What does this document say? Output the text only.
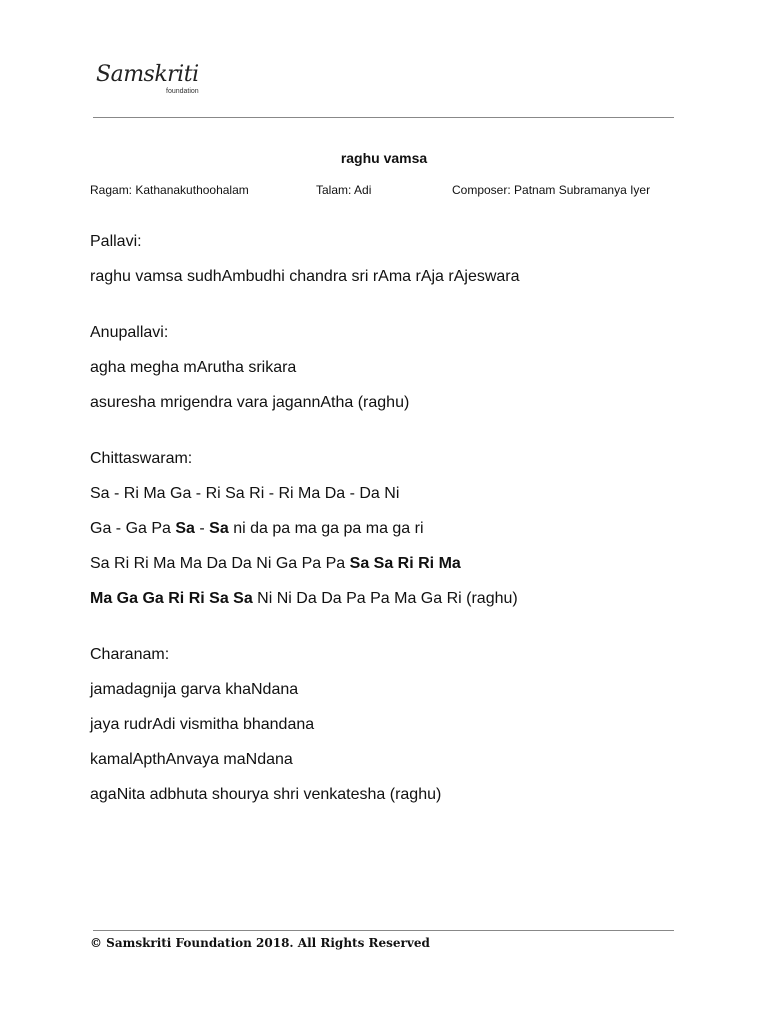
Samskriti
foundation
raghu vamsa
Ragam: Kathanakuthoohalam	Talam: Adi	Composer: Patnam Subramanya Iyer
Pallavi:
raghu vamsa sudhAmbudhi chandra sri rAma rAja rAjeswara
Anupallavi:
agha megha mArutha srikara
asuresha mrigendra vara jagannAtha (raghu)
Chittaswaram:
Sa - Ri Ma Ga - Ri Sa Ri - Ri Ma Da - Da Ni
Ga - Ga Pa Sa - Sa ni da pa ma ga pa ma ga ri
Sa Ri Ri Ma Ma Da Da Ni Ga Pa Pa Sa Sa Ri Ri Ma
Ma Ga Ga Ri Ri Sa Sa Ni Ni Da Da Pa Pa Ma Ga Ri (raghu)
Charanam:
jamadagnija garva khaNdana
jaya rudrAdi vismitha bhandana
kamalApthAnvaya maNdana
agaNita adbhuta shourya shri venkatesha (raghu)
© Samskriti Foundation 2018. All Rights Reserved
